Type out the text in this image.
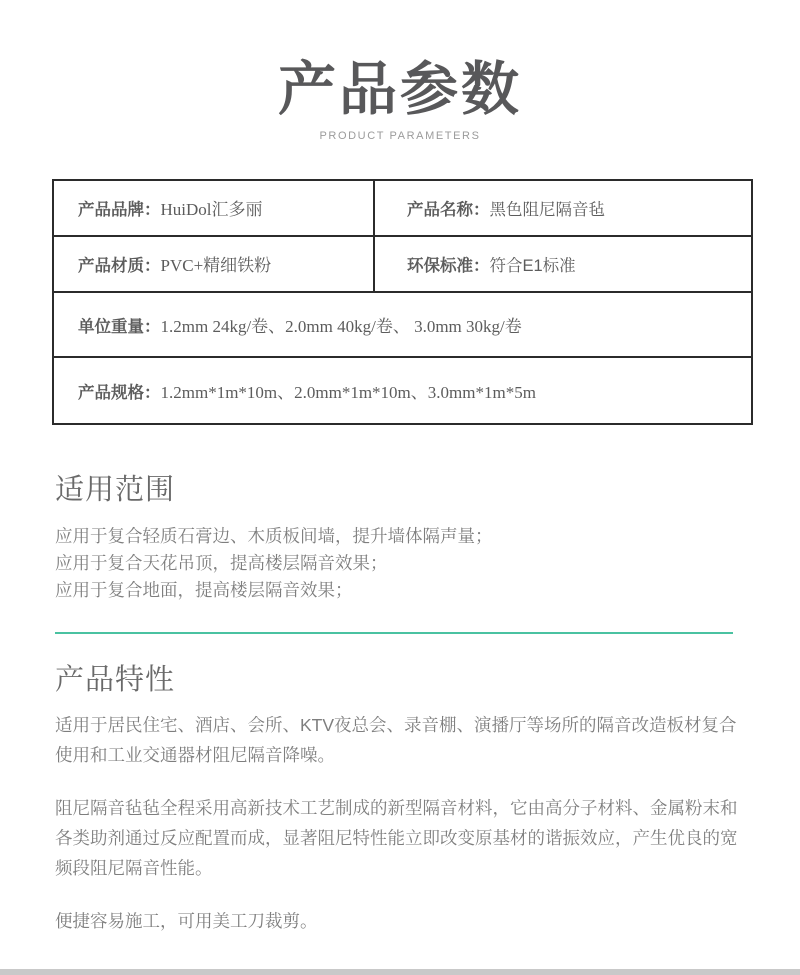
产品参数
PRODUCT PARAMETERS
产品品牌：HuiDol汇多丽	产品名称：黑色阻尼隔音毡
产品材质：PVC+精细铁粉	环保标准：符合E1标准
单位重量：1.2mm 24kg/卷、2.0mm 40kg/卷、 3.0mm 30kg/卷	
产品规格：1.2mm*1m*10m、2.0mm*1m*10m、3.0mm*1m*5m	
适用范围
应用于复合轻质石膏边、木质板间墙，提升墙体隔声量；
应用于复合天花吊顶，提高楼层隔音效果；
应用于复合地面，提高楼层隔音效果；
产品特性

适用于居民住宅、酒店、会所、KTV夜总会、录音棚、演播厅等场所的隔音改造板材复合使用和工业交通器材阻尼隔音降噪。

阻尼隔音毡毡全程采用高新技术工艺制成的新型隔音材料，它由高分子材料、金属粉末和各类助剂通过反应配置而成，显著阻尼特性能立即改变原基材的谐振效应，产生优良的宽频段阻尼隔音性能。

便捷容易施工，可用美工刀裁剪。
